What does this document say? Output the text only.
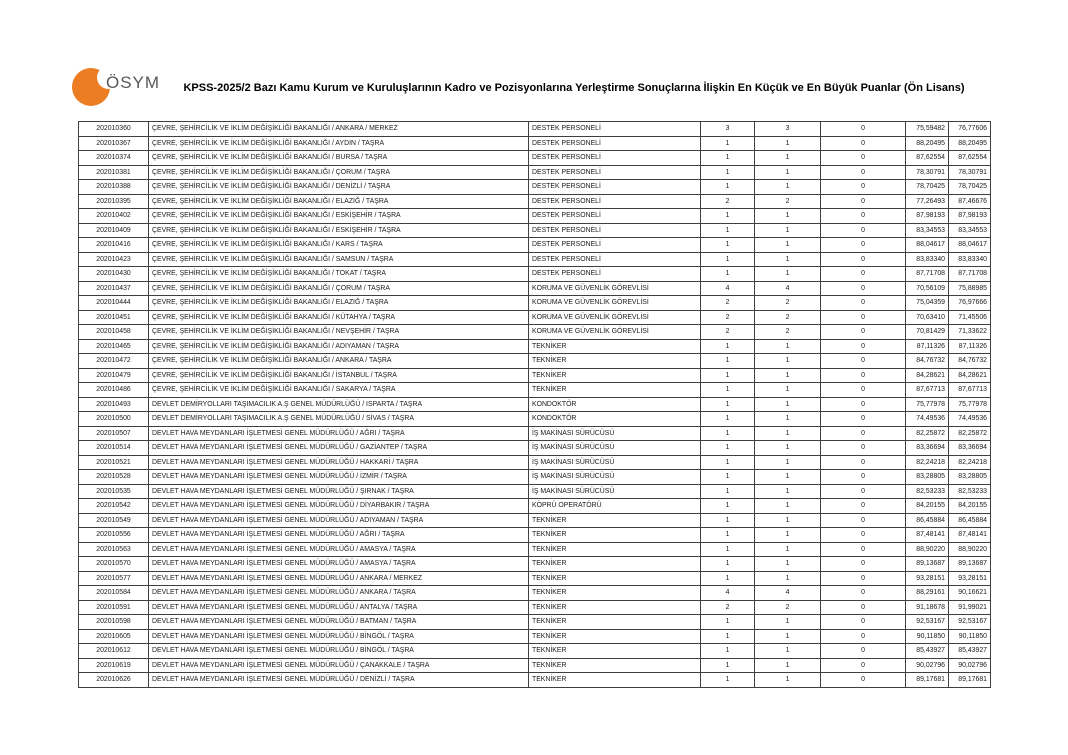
ÖSYM	KPSS-2025/2 Bazı Kamu Kurum ve Kuruluşlarının Kadro ve Pozisyonlarına Yerleştirme Sonuçlarına İlişkin En Küçük ve En Büyük Puanlar (Ön Lisans)
202010360	ÇEVRE, ŞEHİRCİLİK VE İKLİM DEĞİŞİKLİĞİ BAKANLIĞI / ANKARA / MERKEZ	DESTEK PERSONELİ	3	3	0	75,59482	76,77606
202010367	ÇEVRE, ŞEHİRCİLİK VE İKLİM DEĞİŞİKLİĞİ BAKANLIĞI / AYDIN / TAŞRA	DESTEK PERSONELİ	1	1	0	88,20495	88,20495
202010374	ÇEVRE, ŞEHİRCİLİK VE İKLİM DEĞİŞİKLİĞİ BAKANLIĞI / BURSA / TAŞRA	DESTEK PERSONELİ	1	1	0	87,62554	87,62554
202010381	ÇEVRE, ŞEHİRCİLİK VE İKLİM DEĞİŞİKLİĞİ BAKANLIĞI / ÇORUM / TAŞRA	DESTEK PERSONELİ	1	1	0	78,30791	78,30791
202010388	ÇEVRE, ŞEHİRCİLİK VE İKLİM DEĞİŞİKLİĞİ BAKANLIĞI / DENİZLİ / TAŞRA	DESTEK PERSONELİ	1	1	0	78,70425	78,70425
202010395	ÇEVRE, ŞEHİRCİLİK VE İKLİM DEĞİŞİKLİĞİ BAKANLIĞI / ELAZIĞ / TAŞRA	DESTEK PERSONELİ	2	2	0	77,26493	87,46676
202010402	ÇEVRE, ŞEHİRCİLİK VE İKLİM DEĞİŞİKLİĞİ BAKANLIĞI / ESKİŞEHİR / TAŞRA	DESTEK PERSONELİ	1	1	0	87,98193	87,98193
202010409	ÇEVRE, ŞEHİRCİLİK VE İKLİM DEĞİŞİKLİĞİ BAKANLIĞI / ESKİŞEHİR / TAŞRA	DESTEK PERSONELİ	1	1	0	83,34553	83,34553
202010416	ÇEVRE, ŞEHİRCİLİK VE İKLİM DEĞİŞİKLİĞİ BAKANLIĞI / KARS / TAŞRA	DESTEK PERSONELİ	1	1	0	88,04617	88,04617
202010423	ÇEVRE, ŞEHİRCİLİK VE İKLİM DEĞİŞİKLİĞİ BAKANLIĞI / SAMSUN / TAŞRA	DESTEK PERSONELİ	1	1	0	83,83340	83,83340
202010430	ÇEVRE, ŞEHİRCİLİK VE İKLİM DEĞİŞİKLİĞİ BAKANLIĞI / TOKAT / TAŞRA	DESTEK PERSONELİ	1	1	0	87,71708	87,71708
202010437	ÇEVRE, ŞEHİRCİLİK VE İKLİM DEĞİŞİKLİĞİ BAKANLIĞI / ÇORUM / TAŞRA	KORUMA VE GÜVENLİK GÖREVLİSİ	4	4	0	70,56109	75,88985
202010444	ÇEVRE, ŞEHİRCİLİK VE İKLİM DEĞİŞİKLİĞİ BAKANLIĞI / ELAZIĞ / TAŞRA	KORUMA VE GÜVENLİK GÖREVLİSİ	2	2	0	75,04359	76,97666
202010451	ÇEVRE, ŞEHİRCİLİK VE İKLİM DEĞİŞİKLİĞİ BAKANLIĞI / KÜTAHYA / TAŞRA	KORUMA VE GÜVENLİK GÖREVLİSİ	2	2	0	70,63410	71,45506
202010458	ÇEVRE, ŞEHİRCİLİK VE İKLİM DEĞİŞİKLİĞİ BAKANLIĞI / NEVŞEHİR / TAŞRA	KORUMA VE GÜVENLİK GÖREVLİSİ	2	2	0	70,81429	71,33622
202010465	ÇEVRE, ŞEHİRCİLİK VE İKLİM DEĞİŞİKLİĞİ BAKANLIĞI / ADIYAMAN / TAŞRA	TEKNİKER	1	1	0	87,11326	87,11326
202010472	ÇEVRE, ŞEHİRCİLİK VE İKLİM DEĞİŞİKLİĞİ BAKANLIĞI / ANKARA / TAŞRA	TEKNİKER	1	1	0	84,76732	84,76732
202010479	ÇEVRE, ŞEHİRCİLİK VE İKLİM DEĞİŞİKLİĞİ BAKANLIĞI / İSTANBUL / TAŞRA	TEKNİKER	1	1	0	84,28621	84,28621
202010486	ÇEVRE, ŞEHİRCİLİK VE İKLİM DEĞİŞİKLİĞİ BAKANLIĞI / SAKARYA / TAŞRA	TEKNİKER	1	1	0	87,67713	87,67713
202010493	DEVLET DEMİRYOLLARI TAŞIMACILIK A.Ş GENEL MÜDÜRLÜĞÜ / ISPARTA / TAŞRA	KONDOKTÖR	1	1	0	75,77978	75,77978
202010500	DEVLET DEMİRYOLLARI TAŞIMACILIK A.Ş GENEL MÜDÜRLÜĞÜ / SİVAS / TAŞRA	KONDOKTÖR	1	1	0	74,49536	74,49536
202010507	DEVLET HAVA MEYDANLARI İŞLETMESİ GENEL MÜDÜRLÜĞÜ / AĞRI / TAŞRA	İŞ MAKİNASI SÜRÜCÜSÜ	1	1	0	82,25872	82,25872
202010514	DEVLET HAVA MEYDANLARI İŞLETMESİ GENEL MÜDÜRLÜĞÜ / GAZİANTEP / TAŞRA	İŞ MAKİNASI SÜRÜCÜSÜ	1	1	0	83,36694	83,36694
202010521	DEVLET HAVA MEYDANLARI İŞLETMESİ GENEL MÜDÜRLÜĞÜ / HAKKARİ / TAŞRA	İŞ MAKİNASI SÜRÜCÜSÜ	1	1	0	82,24218	82,24218
202010528	DEVLET HAVA MEYDANLARI İŞLETMESİ GENEL MÜDÜRLÜĞÜ / İZMİR / TAŞRA	İŞ MAKİNASI SÜRÜCÜSÜ	1	1	0	83,28805	83,28805
202010535	DEVLET HAVA MEYDANLARI İŞLETMESİ GENEL MÜDÜRLÜĞÜ / ŞIRNAK / TAŞRA	İŞ MAKİNASI SÜRÜCÜSÜ	1	1	0	82,53233	82,53233
202010542	DEVLET HAVA MEYDANLARI İŞLETMESİ GENEL MÜDÜRLÜĞÜ / DİYARBAKIR / TAŞRA	KÖPRÜ OPERATÖRÜ	1	1	0	84,20155	84,20155
202010549	DEVLET HAVA MEYDANLARI İŞLETMESİ GENEL MÜDÜRLÜĞÜ / ADIYAMAN / TAŞRA	TEKNİKER	1	1	0	86,45884	86,45884
202010556	DEVLET HAVA MEYDANLARI İŞLETMESİ GENEL MÜDÜRLÜĞÜ / AĞRI / TAŞRA	TEKNİKER	1	1	0	87,48141	87,48141
202010563	DEVLET HAVA MEYDANLARI İŞLETMESİ GENEL MÜDÜRLÜĞÜ / AMASYA / TAŞRA	TEKNİKER	1	1	0	88,90220	88,90220
202010570	DEVLET HAVA MEYDANLARI İŞLETMESİ GENEL MÜDÜRLÜĞÜ / AMASYA / TAŞRA	TEKNİKER	1	1	0	89,13687	89,13687
202010577	DEVLET HAVA MEYDANLARI İŞLETMESİ GENEL MÜDÜRLÜĞÜ / ANKARA / MERKEZ	TEKNİKER	1	1	0	93,28151	93,28151
202010584	DEVLET HAVA MEYDANLARI İŞLETMESİ GENEL MÜDÜRLÜĞÜ / ANKARA / TAŞRA	TEKNİKER	4	4	0	88,29161	90,16621
202010591	DEVLET HAVA MEYDANLARI İŞLETMESİ GENEL MÜDÜRLÜĞÜ / ANTALYA / TAŞRA	TEKNİKER	2	2	0	91,18678	91,99021
202010598	DEVLET HAVA MEYDANLARI İŞLETMESİ GENEL MÜDÜRLÜĞÜ / BATMAN / TAŞRA	TEKNİKER	1	1	0	92,53167	92,53167
202010605	DEVLET HAVA MEYDANLARI İŞLETMESİ GENEL MÜDÜRLÜĞÜ / BİNGÖL / TAŞRA	TEKNİKER	1	1	0	90,11850	90,11850
202010612	DEVLET HAVA MEYDANLARI İŞLETMESİ GENEL MÜDÜRLÜĞÜ / BİNGÖL / TAŞRA	TEKNİKER	1	1	0	85,43927	85,43927
202010619	DEVLET HAVA MEYDANLARI İŞLETMESİ GENEL MÜDÜRLÜĞÜ / ÇANAKKALE / TAŞRA	TEKNİKER	1	1	0	90,02796	90,02796
202010626	DEVLET HAVA MEYDANLARI İŞLETMESİ GENEL MÜDÜRLÜĞÜ / DENİZLİ / TAŞRA	TEKNİKER	1	1	0	89,17681	89,17681
